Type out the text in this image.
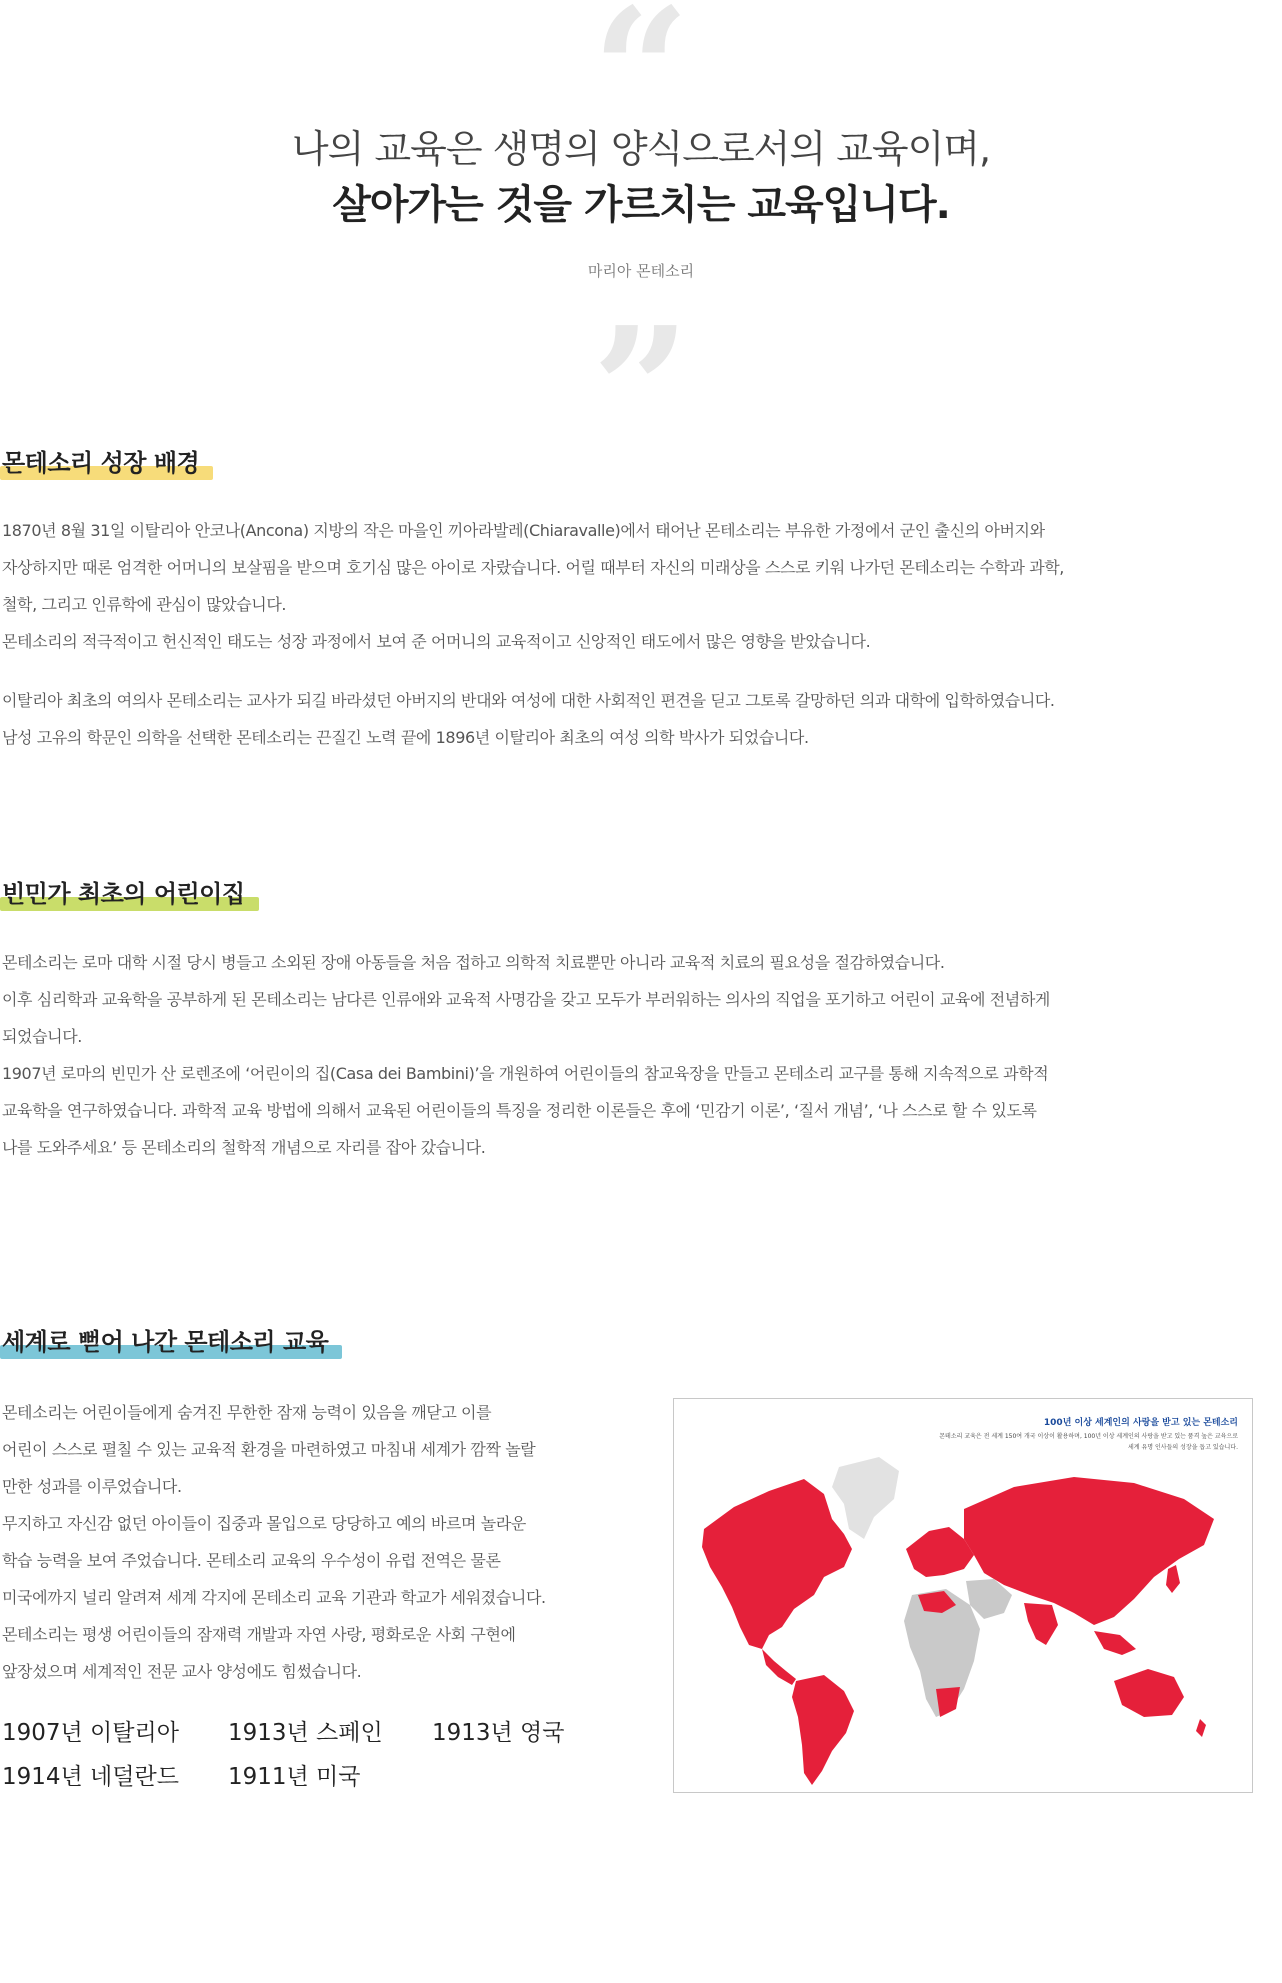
“
나의 교육은 생명의 양식으로서의 교육이며,
살아가는 것을 가르치는 교육입니다.
마리아 몬테소리
”
몬테소리 성장 배경

1870년 8월 31일 이탈리아 안코나(Ancona) 지방의 작은 마을인 끼아라발레(Chiaravalle)에서 태어난 몬테소리는 부유한 가정에서 군인 출신의 아버지와

자상하지만 때론 엄격한 어머니의 보살핌을 받으며 호기심 많은 아이로 자랐습니다. 어릴 때부터 자신의 미래상을 스스로 키워 나가던 몬테소리는 수학과 과학,

철학, 그리고 인류학에 관심이 많았습니다.

몬테소리의 적극적이고 헌신적인 태도는 성장 과정에서 보여 준 어머니의 교육적이고 신앙적인 태도에서 많은 영향을 받았습니다.

이탈리아 최초의 여의사 몬테소리는 교사가 되길 바라셨던 아버지의 반대와 여성에 대한 사회적인 편견을 딛고 그토록 갈망하던 의과 대학에 입학하였습니다.

남성 고유의 학문인 의학을 선택한 몬테소리는 끈질긴 노력 끝에 1896년 이탈리아 최초의 여성 의학 박사가 되었습니다.

빈민가 최초의 어린이집

몬테소리는 로마 대학 시절 당시 병들고 소외된 장애 아동들을 처음 접하고 의학적 치료뿐만 아니라 교육적 치료의 필요성을 절감하였습니다.

이후 심리학과 교육학을 공부하게 된 몬테소리는 남다른 인류애와 교육적 사명감을 갖고 모두가 부러워하는 의사의 직업을 포기하고 어린이 교육에 전념하게

되었습니다.

1907년 로마의 빈민가 산 로렌조에 ‘어린이의 집(Casa dei Bambini)’을 개원하여 어린이들의 참교육장을 만들고 몬테소리 교구를 통해 지속적으로 과학적

교육학을 연구하였습니다. 과학적 교육 방법에 의해서 교육된 어린이들의 특징을 정리한 이론들은 후에 ‘민감기 이론’, ‘질서 개념’, ‘나 스스로 할 수 있도록

나를 도와주세요’ 등 몬테소리의 철학적 개념으로 자리를 잡아 갔습니다.

세계로 뻗어 나간 몬테소리 교육

몬테소리는 어린이들에게 숨겨진 무한한 잠재 능력이 있음을 깨닫고 이를

어린이 스스로 펼칠 수 있는 교육적 환경을 마련하였고 마침내 세계가 깜짝 놀랄

만한 성과를 이루었습니다.

무지하고 자신감 없던 아이들이 집중과 몰입으로 당당하고 예의 바르며 놀라운

학습 능력을 보여 주었습니다. 몬테소리 교육의 우수성이 유럽 전역은 물론

미국에까지 널리 알려져 세계 각지에 몬테소리 교육 기관과 학교가 세워졌습니다.

몬테소리는 평생 어린이들의 잠재력 개발과 자연 사랑, 평화로운 사회 구현에

앞장섰으며 세계적인 전문 교사 양성에도 힘썼습니다.

1907년 이탈리아	1913년 스페인	1913년 영국
1914년 네덜란드	1911년 미국
100년 이상 세계인의 사랑을 받고 있는 몬테소리
몬테소리 교육은 전 세계 150여 개국 이상이 활용하며, 100년 이상 세계인의 사랑을 받고 있는 품격 높은 교육으로 세계 유명 인사들의 성장을 돕고 있습니다.
